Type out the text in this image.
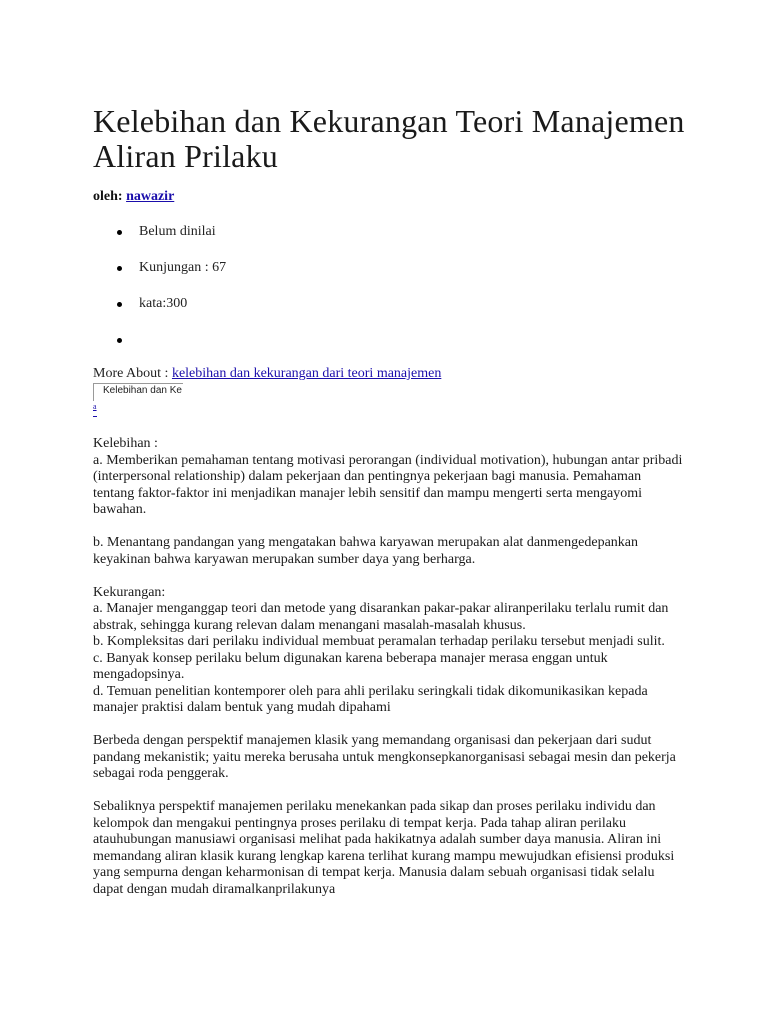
Kelebihan dan Kekurangan Teori Manajemen Aliran Prilaku
oleh: nawazir
Belum dinilai
Kunjungan : 67
kata:300
More About : kelebihan dan kekurangan dari teori manajemen
Kelebihan dan Ke
a

Kelebihan :

a. Memberikan pemahaman tentang motivasi perorangan (individual motivation), hubungan antar pribadi (interpersonal relationship) dalam pekerjaan dan pentingnya pekerjaan bagi manusia. Pemahaman tentang faktor-faktor ini menjadikan manajer lebih sensitif dan mampu mengerti serta mengayomi bawahan.

b. Menantang pandangan yang mengatakan bahwa karyawan merupakan alat danmengedepankan keyakinan bahwa karyawan merupakan sumber daya yang berharga.

Kekurangan:

a. Manajer menganggap teori dan metode yang disarankan pakar-pakar aliranperilaku terlalu rumit dan abstrak, sehingga kurang relevan dalam menangani masalah-masalah khusus.

b. Kompleksitas dari perilaku individual membuat peramalan terhadap perilaku tersebut menjadi sulit.

c. Banyak konsep perilaku belum digunakan karena beberapa manajer merasa enggan untuk mengadopsinya.

d. Temuan penelitian kontemporer oleh para ahli perilaku seringkali tidak dikomunikasikan kepada manajer praktisi dalam bentuk yang mudah dipahami

Berbeda dengan perspektif manajemen klasik yang memandang organisasi dan pekerjaan dari sudut pandang mekanistik; yaitu mereka berusaha untuk mengkonsepkanorganisasi sebagai mesin dan pekerja sebagai roda penggerak.

Sebaliknya perspektif manajemen perilaku menekankan pada sikap dan proses perilaku individu dan kelompok dan mengakui pentingnya proses perilaku di tempat kerja. Pada tahap aliran perilaku atauhubungan manusiawi organisasi melihat pada hakikatnya adalah sumber daya manusia. Aliran ini memandang aliran klasik kurang lengkap karena terlihat kurang mampu mewujudkan efisiensi produksi yang sempurna dengan keharmonisan di tempat kerja. Manusia dalam sebuah organisasi tidak selalu dapat dengan mudah diramalkanprilakunya
